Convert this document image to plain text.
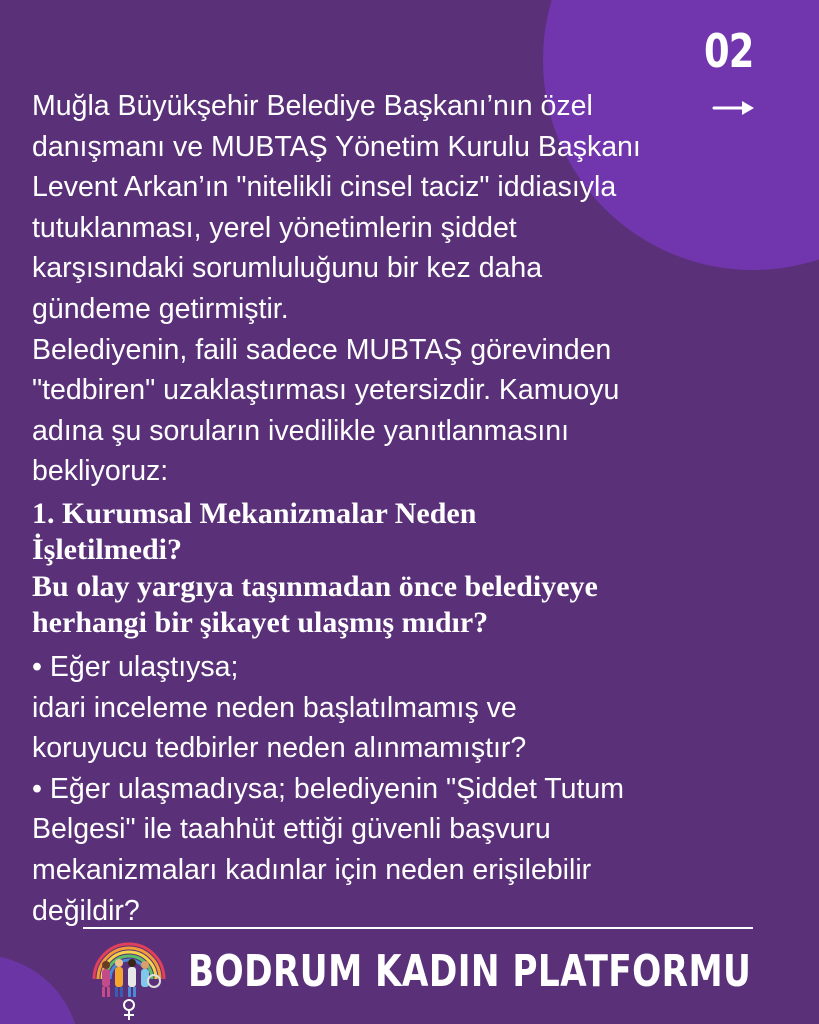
02

Muğla Büyükşehir Belediye Başkanı’nın özel
danışmanı ve MUBTAŞ Yönetim Kurulu Başkanı
Levent Arkan’ın "nitelikli cinsel taciz" iddiasıyla
tutuklanması, yerel yönetimlerin şiddet
karşısındaki sorumluluğunu bir kez daha
gündeme getirmiştir.

Belediyenin, faili sadece MUBTAŞ görevinden
"tedbiren" uzaklaştırması yetersizdir. Kamuoyu
adına şu soruların ivedilikle yanıtlanmasını
bekliyoruz:

1. Kurumsal Mekanizmalar Neden
İşletilmedi?

Bu olay yargıya taşınmadan önce belediyeye
herhangi bir şikayet ulaşmış mıdır?

• Eğer ulaştıysa;
idari inceleme neden başlatılmamış ve
koruyucu tedbirler neden alınmamıştır?

• Eğer ulaşmadıysa; belediyenin "Şiddet Tutum
Belgesi" ile taahhüt ettiği güvenli başvuru
mekanizmaları kadınlar için neden erişilebilir
değildir?

BODRUM KADIN PLATFORMU
